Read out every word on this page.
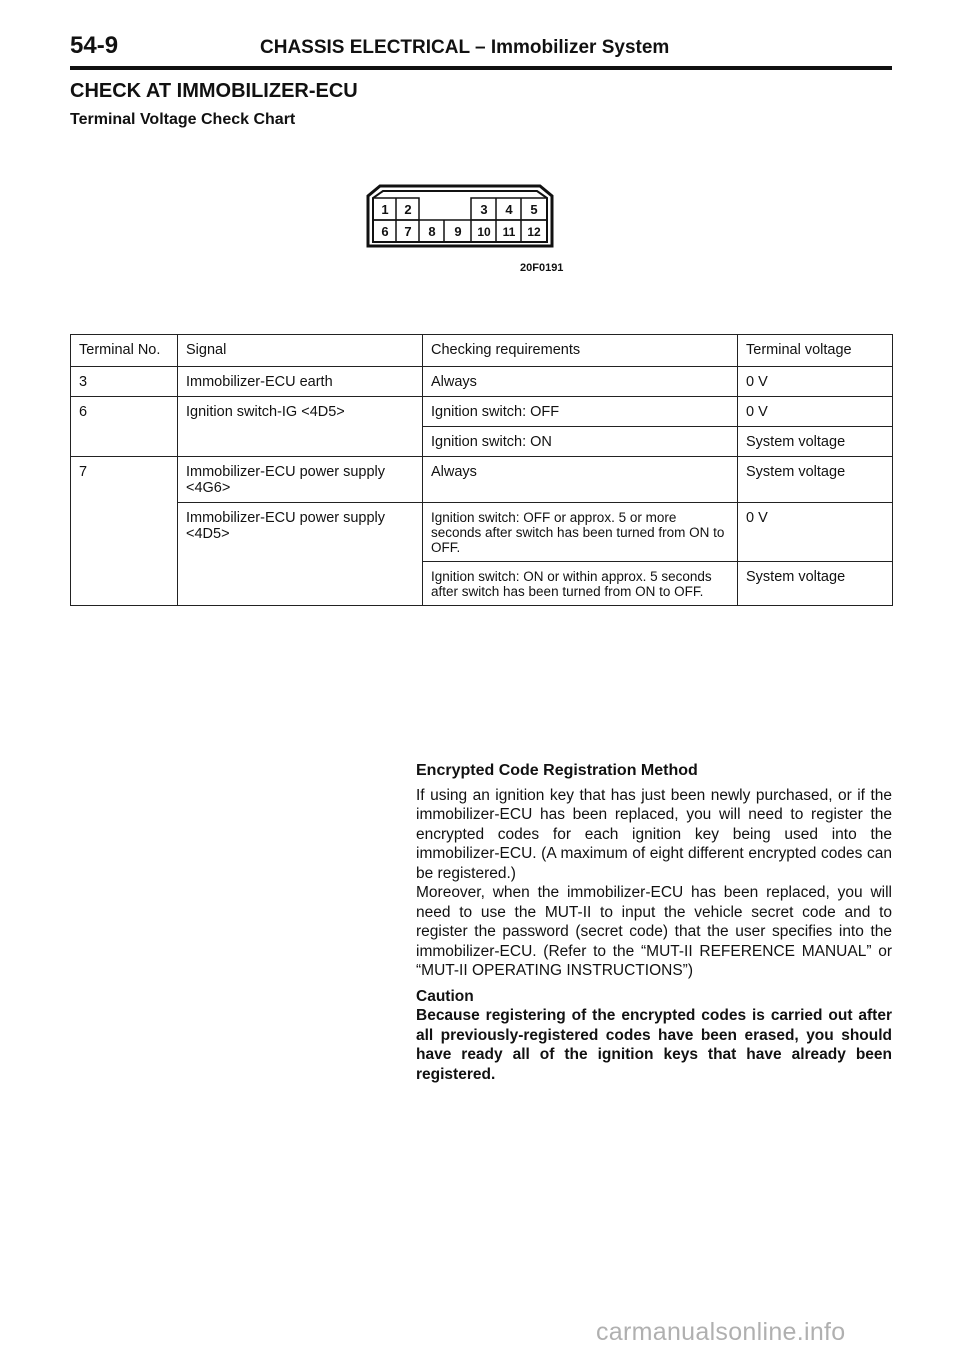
54-9	CHASSIS ELECTRICAL – Immobilizer System
CHECK AT IMMOBILIZER-ECU
Terminal Voltage Check Chart
1 2	3 4 5
6 7 8 9 10 11 12
20F0191
Terminal No.	Signal	Checking requirements	Terminal voltage
3	Immobilizer-ECU earth	Always	0 V
6	Ignition switch-IG <4D5>	Ignition switch: OFF	0 V
		Ignition switch: ON	System voltage
7	Immobilizer-ECU power supply <4G6>	Always	System voltage
	Immobilizer-ECU power supply <4D5>	Ignition switch: OFF or approx. 5 or more seconds after switch has been turned from ON to OFF.	0 V
		Ignition switch: ON or within approx. 5 seconds after switch has been turned from ON to OFF.	System voltage
Encrypted Code Registration Method

If using an ignition key that has just been newly purchased, or if the immobilizer-ECU has been replaced, you will need to register the encrypted codes for each ignition key being used into the immobilizer-ECU. (A maximum of eight different encrypted codes can be registered.)

Moreover, when the immobilizer-ECU has been replaced, you will need to use the MUT-II to input the vehicle secret code and to register the password (secret code) that the user specifies into the immobilizer-ECU. (Refer to the “MUT-II REFERENCE MANUAL” or “MUT-II OPERATING INSTRUCTIONS”)

Caution

Because registering of the encrypted codes is carried out after all previously-registered codes have been erased, you should have ready all of the ignition keys that have already been registered.

carmanualsonline.info
